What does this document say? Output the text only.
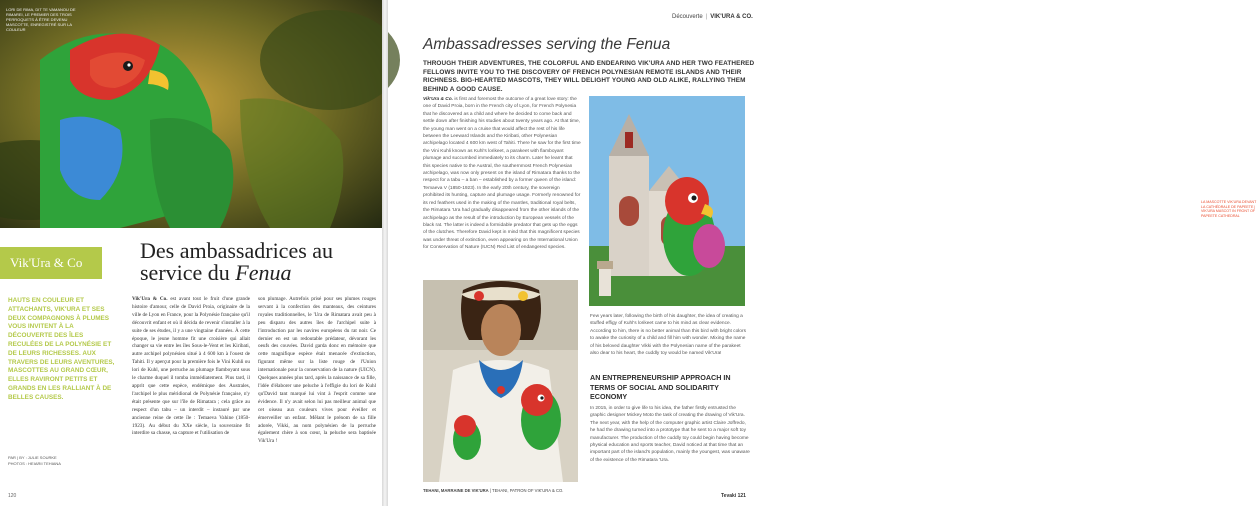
LORI DE RIMA, DIT TE VAMANOU DE RIMAREI, LE PREMIER DES TROIS PERROQUETS À ÊTRE DEVENU MASCOTTE, ENREGISTRÉ SUR LA COULEUR
Vik'Ura & Co	Des ambassadrices au
service du Fenua
HAUTS EN COULEUR ET ATTACHANTS, VIK'URA ET SES DEUX COMPAGNONS À PLUMES VOUS INVITENT À LA DÉCOUVERTE DES ÎLES RECULÉES DE LA POLYNÉSIE ET DE LEURS RICHESSES. AUX TRAVERS DE LEURS AVENTURES, MASCOTTES AU GRAND CŒUR, ELLES RAVIRONT PETITS ET GRANDS EN LES RALLIANT À DE BELLES CAUSES.
PAR | BY : JULIE SOURKE
PHOTOS : HEIARII TEHIANA
Vik'Ura & Co. est avant tout le fruit d'une grande histoire d'amour, celle de David Proia, originaire de la ville de Lyon en France, pour la Polynésie française qu'il découvrit enfant et où il décida de revenir s'installer à la suite de ses études, il y a une vingtaine d'années. À cette époque, le jeune homme fit une croisière qui allait changer sa vie entre les îles Sous-le-Vent et les Kiribati, autre archipel polynésien situé à 4 600 km à l'ouest de Tahiti. Il y aperçut pour la première fois le Vini Kuhli ou lori de Kuhl, une perruche au plumage flamboyant sous le charme duquel il tomba immédiatement. Plus tard, il apprit que cette espèce, endémique des Australes, l'archipel le plus méridional de Polynésie française, n'y était présente que sur l'île de Rimatara ; cela grâce au respect d'un tabu – un interdit – instauré par une ancienne reine de cette île : Temaeva Vahine (1850-1923). Au début du XXe siècle, la souveraine fit interdire sa chasse, sa capture et l'utilisation de
son plumage. Autrefois prisé pour ses plumes rouges servant à la confection des manteaux, des ceintures royales traditionnelles, le 'Ura de Rimatara avait peu à peu disparu des autres îles de l'archipel suite à l'introduction par les navires européens du rat noir. Ce dernier en est un redoutable prédateur, dévorant les oeufs des couvées. David garda donc en mémoire que cette magnifique espèce était menacée d'extinction, figurant même sur la liste rouge de l'Union internationale pour la conservation de la nature (UICN). Quelques années plus tard, après la naissance de sa fille, l'idée d'élaborer une peluche à l'effigie du lori de Kuhl qu'David tant marqué lui vint à l'esprit comme une évidence. Il n'y avait selon lui pas meilleur animal que cet oiseau aux couleurs vives pour éveiller et émerveiller un enfant. Mêlant le prénom de sa fille adorée, Vikki, au nom polynésien de la perruche également chère à son cœur, la peluche sera baptisée Vik'Ura !
120
Découverte | VIK'URA & CO.
Ambassadresses serving the Fenua
THROUGH THEIR ADVENTURES, THE COLORFUL AND ENDEARING VIK'URA AND HER TWO FEATHERED FELLOWS INVITE YOU TO THE DISCOVERY OF FRENCH POLYNESIAN REMOTE ISLANDS AND THEIR RICHNESS. BIG-HEARTED MASCOTS, THEY WILL DELIGHT YOUNG AND OLD ALIKE, RALLYING THEM BEHIND A GOOD CAUSE.
Vik'Ura & Co. is first and foremost the outcome of a great love story: the one of David Proia, born in the French city of Lyon, for French Polynesia that he discovered as a child and where he decided to come back and settle down after finishing his studies about twenty years ago. At that time, the young man went on a cruise that would affect the rest of his life between the Leeward Islands and the Kiribati, other Polynesian archipelago located 4 600 km west of Tahiti. There he saw for the first time the Vini Kuhli known as Kuhl's lorikeet, a parakeet with flamboyant plumage and succumbed immediately to its charm. Later he learnt that this species native to the Austral, the southernmost French Polynesian archipelago, was now only present on the island of Rimatara thanks to the respect for a tabu – a ban – established by a former queen of the island: Temaeva V (1850-1923). In the early 20th century, the sovereign prohibited its hunting, capture and plumage usage. Formerly renowned for its red feathers used in the making of the mantles, traditional royal belts, the Rimatara 'Ura had gradually disappeared from the other islands of the archipelago as the result of the introduction by European vessels of the black rat. The latter is indeed a formidable predator that gets up the eggs of the clutches. Therefore David kept in mind that this magnificent species was under threat of extinction, even appearing on the International Union for Conservation of Nature (IUCN) Red List of endangered species.
LA MASCOTTE VIK'URA DEVANT LA CATHÉDRALE DE PAPEETE | VIK'URA MASCOT IN FRONT OF PAPEETE CATHEDRAL
TEHANI, MARRAINE DE VIK'URA | TEHANI, PATRON OF VIK'URA & CO.
Few years later, following the birth of his daughter, the idea of creating a stuffed effigy of Kuhl's lorikeet came to his mind as clear evidence. According to him, there is no better animal than this bird with bright colors to awake the curiosity of a child and fill him with wonder. Mixing the name of his beloved daughter Vikki with the Polynesian name of the parakeet also dear to his heart, the cuddly toy would be named Vik'Ura!
AN ENTREPRENEURSHIP APPROACH IN TERMS OF SOCIAL AND SOLIDARITY ECONOMY
In 2015, in order to give life to his idea, the father firstly entrusted the graphic designer Mickey Moto the task of creating the drawing of Vik'Ura. The next year, with the help of the computer graphic artist Claire Joffredo, he had the drawing turned into a prototype that he sent to a major soft toy manufacturer. The production of the cuddly toy could begin having become physical education and sports teacher, David noticed at that time that an important part of the island's population, mainly the youngest, was unaware of the existence of the Rimatara 'Ura.
Tevaki 121
